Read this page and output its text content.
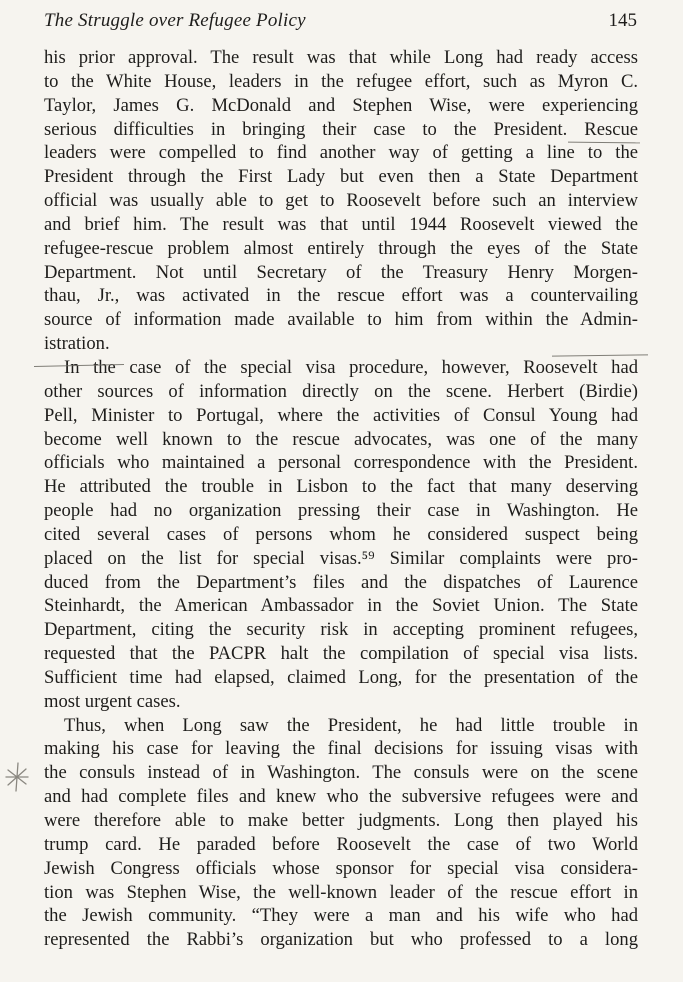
The Struggle over Refugee Policy	145
his prior approval. The result was that while Long had ready access
to the White House, leaders in the refugee effort, such as Myron C.
Taylor, James G. McDonald and Stephen Wise, were experiencing
serious difficulties in bringing their case to the President. Rescue
leaders were compelled to find another way of getting a line to the
President through the First Lady but even then a State Department
official was usually able to get to Roosevelt before such an interview
and brief him. The result was that until 1944 Roosevelt viewed the
refugee-rescue problem almost entirely through the eyes of the State
Department. Not until Secretary of the Treasury Henry Morgen-
thau, Jr., was activated in the rescue effort was a countervailing
source of information made available to him from within the Admin-
istration.
In the case of the special visa procedure, however, Roosevelt had
other sources of information directly on the scene. Herbert (Birdie)
Pell, Minister to Portugal, where the activities of Consul Young had
become well known to the rescue advocates, was one of the many
officials who maintained a personal correspondence with the President.
He attributed the trouble in Lisbon to the fact that many deserving
people had no organization pressing their case in Washington. He
cited several cases of persons whom he considered suspect being
placed on the list for special visas.⁵⁹ Similar complaints were pro-
duced from the Department’s files and the dispatches of Laurence
Steinhardt, the American Ambassador in the Soviet Union. The State
Department, citing the security risk in accepting prominent refugees,
requested that the PACPR halt the compilation of special visa lists.
Sufficient time had elapsed, claimed Long, for the presentation of the
most urgent cases.
Thus, when Long saw the President, he had little trouble in
making his case for leaving the final decisions for issuing visas with
the consuls instead of in Washington. The consuls were on the scene
and had complete files and knew who the subversive refugees were and
were therefore able to make better judgments. Long then played his
trump card. He paraded before Roosevelt the case of two World
Jewish Congress officials whose sponsor for special visa considera-
tion was Stephen Wise, the well-known leader of the rescue effort in
the Jewish community. “They were a man and his wife who had
represented the Rabbi’s organization but who professed to a long
